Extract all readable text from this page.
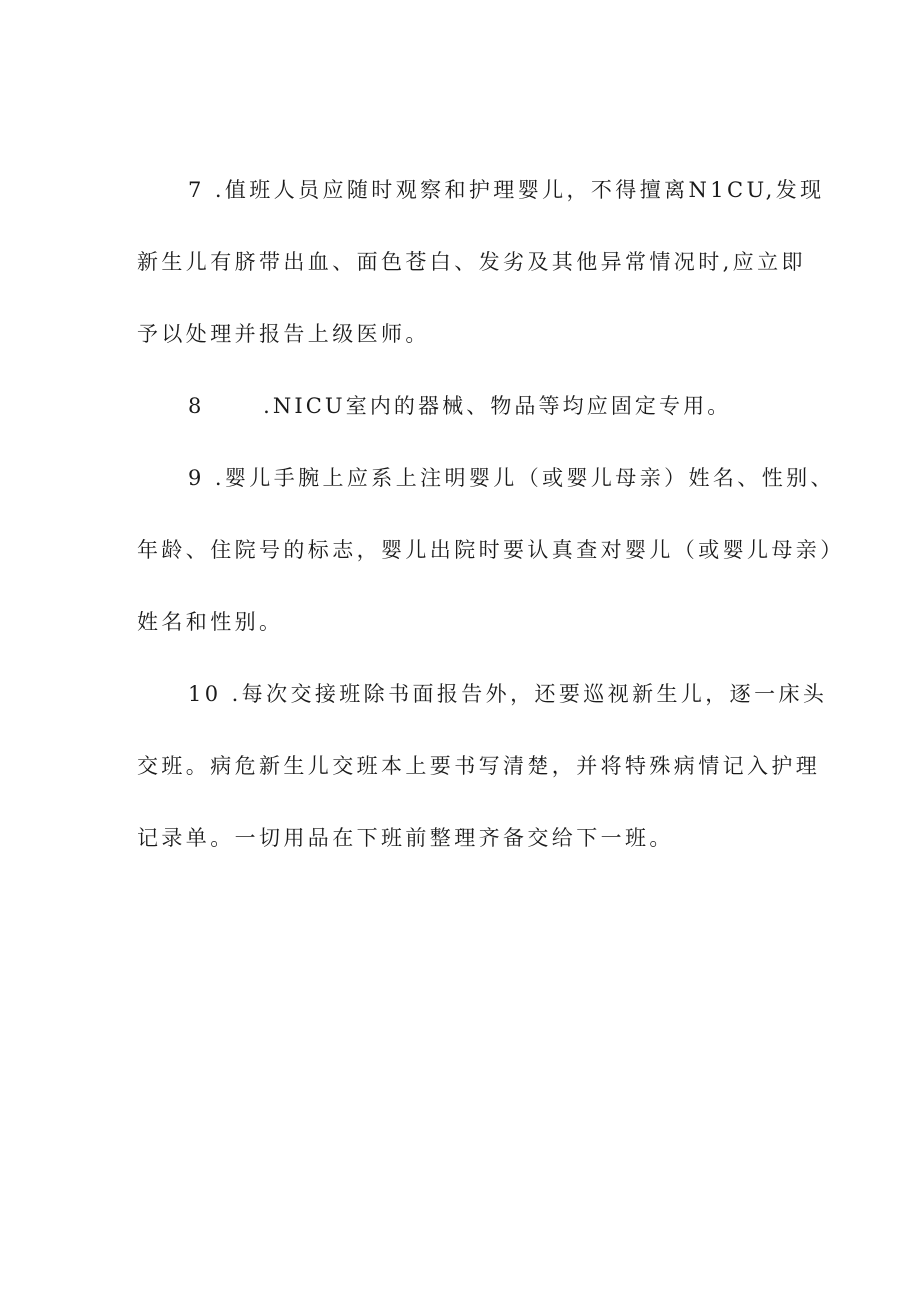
7 .值班人员应随时观察和护理婴儿，不得擅离N1CU,发现
新生儿有脐带出血、面色苍白、发劣及其他异常情况时,应立即
予以处理并报告上级医师。
8      .NICU室内的器械、物品等均应固定专用。
9 .婴儿手腕上应系上注明婴儿（或婴儿母亲）姓名、性别、
年龄、住院号的标志，婴儿出院时要认真查对婴儿（或婴儿母亲）
姓名和性别。
10 .每次交接班除书面报告外，还要巡视新生儿，逐一床头
交班。病危新生儿交班本上要书写清楚，并将特殊病情记入护理
记录单。一切用品在下班前整理齐备交给下一班。
